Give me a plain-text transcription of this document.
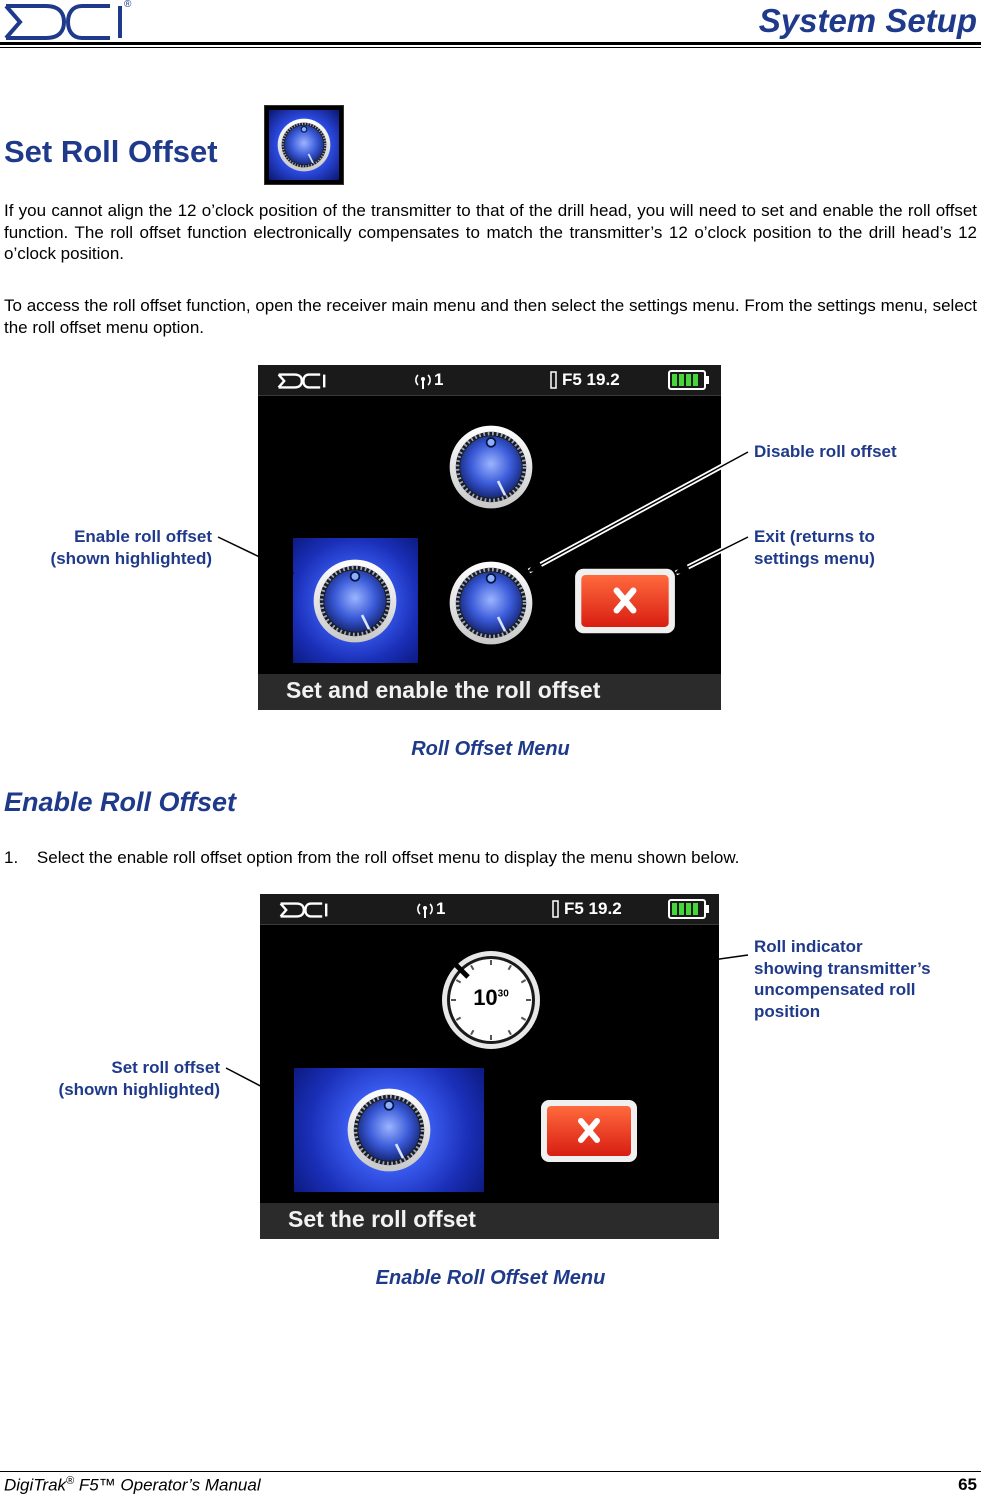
®	System Setup
Set Roll Offset
If you cannot align the 12 o’clock position of the transmitter to that of the drill head, you will need to set and enable the roll offset function. The roll offset function electronically compensates to match the transmitter’s 12 o’clock position to the drill head’s 12 o’clock position.
To access the roll offset function, open the receiver main menu and then select the settings menu. From the settings menu, select the roll offset menu option.
1	F5 19.2
Set and enable the roll offset
Disable roll offset
Exit (returns to
settings menu)
Enable roll offset
(shown highlighted)
Roll Offset Menu
Enable Roll Offset
1. Select the enable roll offset option from the roll offset menu to display the menu shown below.
1	F5 19.2
$10^{30}$
Set the roll offset
Roll indicator
showing transmitter’s
uncompensated roll
position
Set roll offset
(shown highlighted)
Enable Roll Offset Menu
DigiTrak® F5™ Operator’s Manual	65
